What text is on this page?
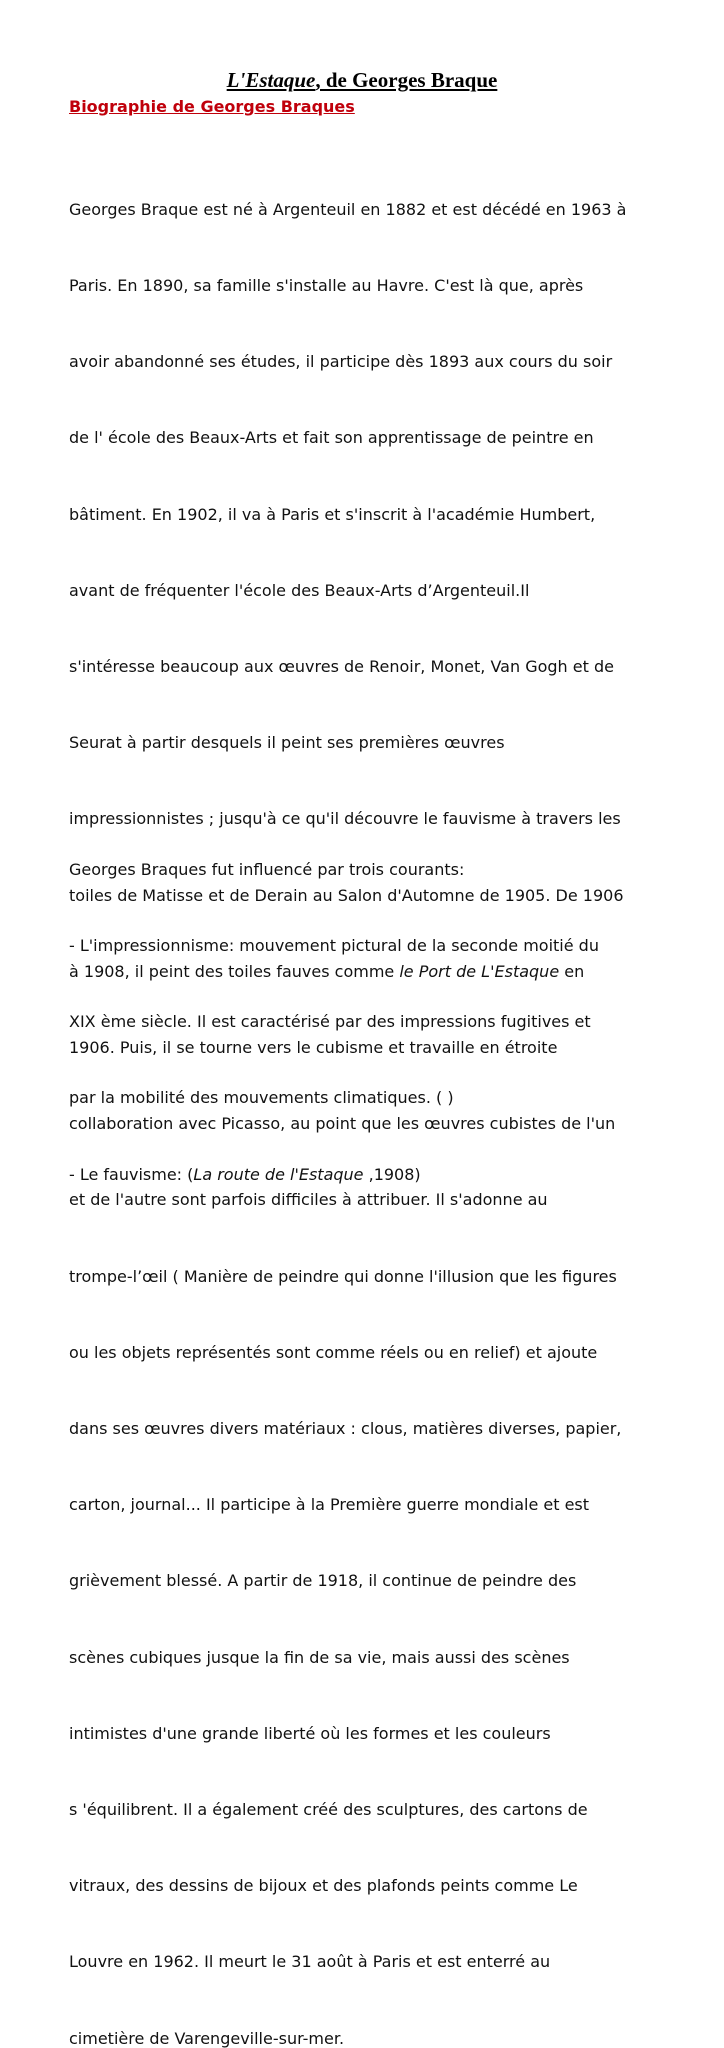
L'Estaque, de Georges Braque
Biographie de Georges Braques

Georges Braque est né à Argenteuil en 1882 et est décédé en 1963 à

Paris. En 1890, sa famille s'installe au Havre. C'est là que, après

avoir abandonné ses études, il participe dès 1893 aux cours du soir

de l' école des Beaux-Arts et fait son apprentissage de peintre en

bâtiment. En 1902, il va à Paris et s'inscrit à l'académie Humbert,

avant de fréquenter l'école des Beaux-Arts d’Argenteuil.Il

s'intéresse beaucoup aux œuvres de Renoir, Monet, Van Gogh et de

Seurat à partir desquels il peint ses premières œuvres

impressionnistes ; jusqu'à ce qu'il découvre le fauvisme à travers les

toiles de Matisse et de Derain au Salon d'Automne de 1905. De 1906

à 1908, il peint des toiles fauves comme le Port de L'Estaque en

1906. Puis, il se tourne vers le cubisme et travaille en étroite

collaboration avec Picasso, au point que les œuvres cubistes de l'un

et de l'autre sont parfois difficiles à attribuer. Il s'adonne au

trompe-l’œil ( Manière de peindre qui donne l'illusion que les figures

ou les objets représentés sont comme réels ou en relief) et ajoute

dans ses œuvres divers matériaux : clous, matières diverses, papier,

carton, journal... Il participe à la Première guerre mondiale et est

grièvement blessé. A partir de 1918, il continue de peindre des

scènes cubiques jusque la fin de sa vie, mais aussi des scènes

intimistes d'une grande liberté où les formes et les couleurs

s 'équilibrent. Il a également créé des sculptures, des cartons de

vitraux, des dessins de bijoux et des plafonds peints comme Le

Louvre en 1962. Il meurt le 31 août à Paris et est enterré au

cimetière de Varengeville-sur-mer.

Georges Braques fut influencé par trois courants:

- L'impressionnisme: mouvement pictural de la seconde moitié du

XIX ème siècle. Il est caractérisé par des impressions fugitives et

par la mobilité des mouvements climatiques. ( )

- Le fauvisme: (La route de l'Estaque ,1908)
